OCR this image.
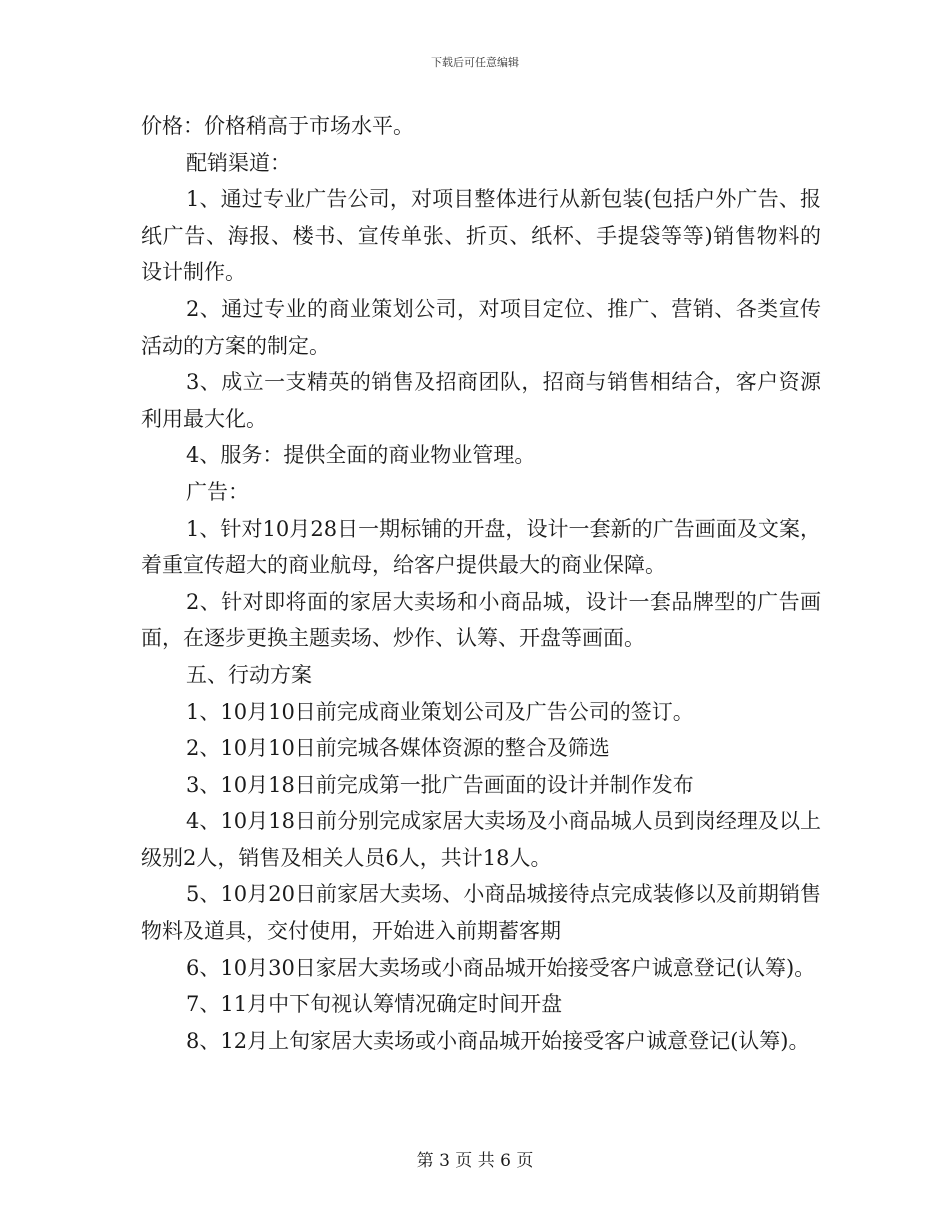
下载后可任意编辑

价格：价格稍高于市场水平。

配销渠道：

1、通过专业广告公司，对项目整体进行从新包装(包括户外广告、报纸广告、海报、楼书、宣传单张、折页、纸杯、手提袋等等)销售物料的设计制作。

2、通过专业的商业策划公司，对项目定位、推广、营销、各类宣传活动的方案的制定。

3、成立一支精英的销售及招商团队，招商与销售相结合，客户资源利用最大化。

4、服务：提供全面的商业物业管理。

广告：

1、针对10月28日一期标铺的开盘，设计一套新的广告画面及文案，着重宣传超大的商业航母，给客户提供最大的商业保障。

2、针对即将面的家居大卖场和小商品城，设计一套品牌型的广告画面，在逐步更换主题卖场、炒作、认筹、开盘等画面。

五、行动方案

1、10月10日前完成商业策划公司及广告公司的签订。

2、10月10日前完城各媒体资源的整合及筛选

3、10月18日前完成第一批广告画面的设计并制作发布

4、10月18日前分别完成家居大卖场及小商品城人员到岗经理及以上级别2人，销售及相关人员6人，共计18人。

5、10月20日前家居大卖场、小商品城接待点完成装修以及前期销售物料及道具，交付使用，开始进入前期蓄客期

6、10月30日家居大卖场或小商品城开始接受客户诚意登记(认筹)。

7、11月中下旬视认筹情况确定时间开盘

8、12月上旬家居大卖场或小商品城开始接受客户诚意登记(认筹)。

第 3 页 共 6 页
